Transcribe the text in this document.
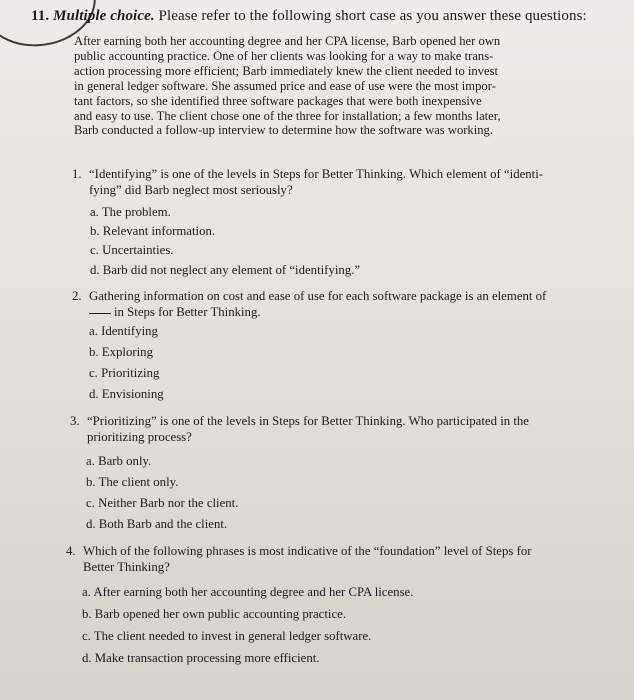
11. Multiple choice. Please refer to the following short case as you answer these questions:
After earning both her accounting degree and her CPA license, Barb opened her own
public accounting practice. One of her clients was looking for a way to make trans-
action processing more efficient; Barb immediately knew the client needed to invest
in general ledger software. She assumed price and ease of use were the most impor-
tant factors, so she identified three software packages that were both inexpensive
and easy to use. The client chose one of the three for installation; a few months later,
Barb conducted a follow-up interview to determine how the software was working.
1. “Identifying” is one of the levels in Steps for Better Thinking. Which element of “identi-
fying” did Barb neglect most seriously?
a. The problem.
b. Relevant information.
c. Uncertainties.
d. Barb did not neglect any element of “identifying.”
2. Gathering information on cost and ease of use for each software package is an element of
in Steps for Better Thinking.
a. Identifying
b. Exploring
c. Prioritizing
d. Envisioning
3. “Prioritizing” is one of the levels in Steps for Better Thinking. Who participated in the
prioritizing process?
a. Barb only.
b. The client only.
c. Neither Barb nor the client.
d. Both Barb and the client.
4. Which of the following phrases is most indicative of the “foundation” level of Steps for
Better Thinking?
a. After earning both her accounting degree and her CPA license.
b. Barb opened her own public accounting practice.
c. The client needed to invest in general ledger software.
d. Make transaction processing more efficient.
